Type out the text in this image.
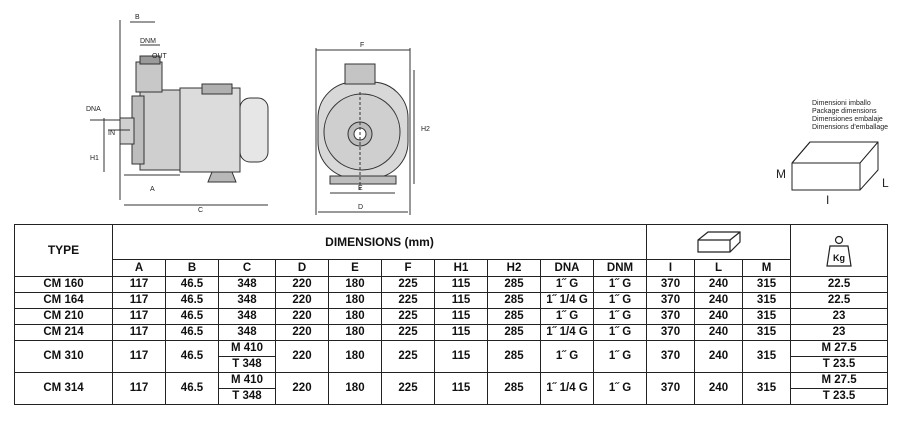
B
DNM
OUT
DNA
IN
H1
A
C
F
H2
E
D
Dimensioni imballo
Package dimensions
Dimensiones embalaje
Dimensions d'emballage
M
L
I
TYPE	DIMENSIONS (mm)													Kg

	A	B	C	D	E	F	H1	H2	DNA	DNM	I	L	M	
CM 160	117	46.5	348	220	180	225	115	285	1˝ G	1˝ G	370	240	315	22.5
CM 164	117	46.5	348	220	180	225	115	285	1˝ 1/4 G	1˝ G	370	240	315	22.5
CM 210	117	46.5	348	220	180	225	115	285	1˝ G	1˝ G	370	240	315	23
CM 214	117	46.5	348	220	180	225	115	285	1˝ 1/4 G	1˝ G	370	240	315	23
CM 310	117	46.5	M 410	220	180	225	115	285	1˝ G	1˝ G	370	240	315	M 27.5
			T 348											T 23.5
CM 314	117	46.5	M 410	220	180	225	115	285	1˝ 1/4 G	1˝ G	370	240	315	M 27.5
			T 348											T 23.5
